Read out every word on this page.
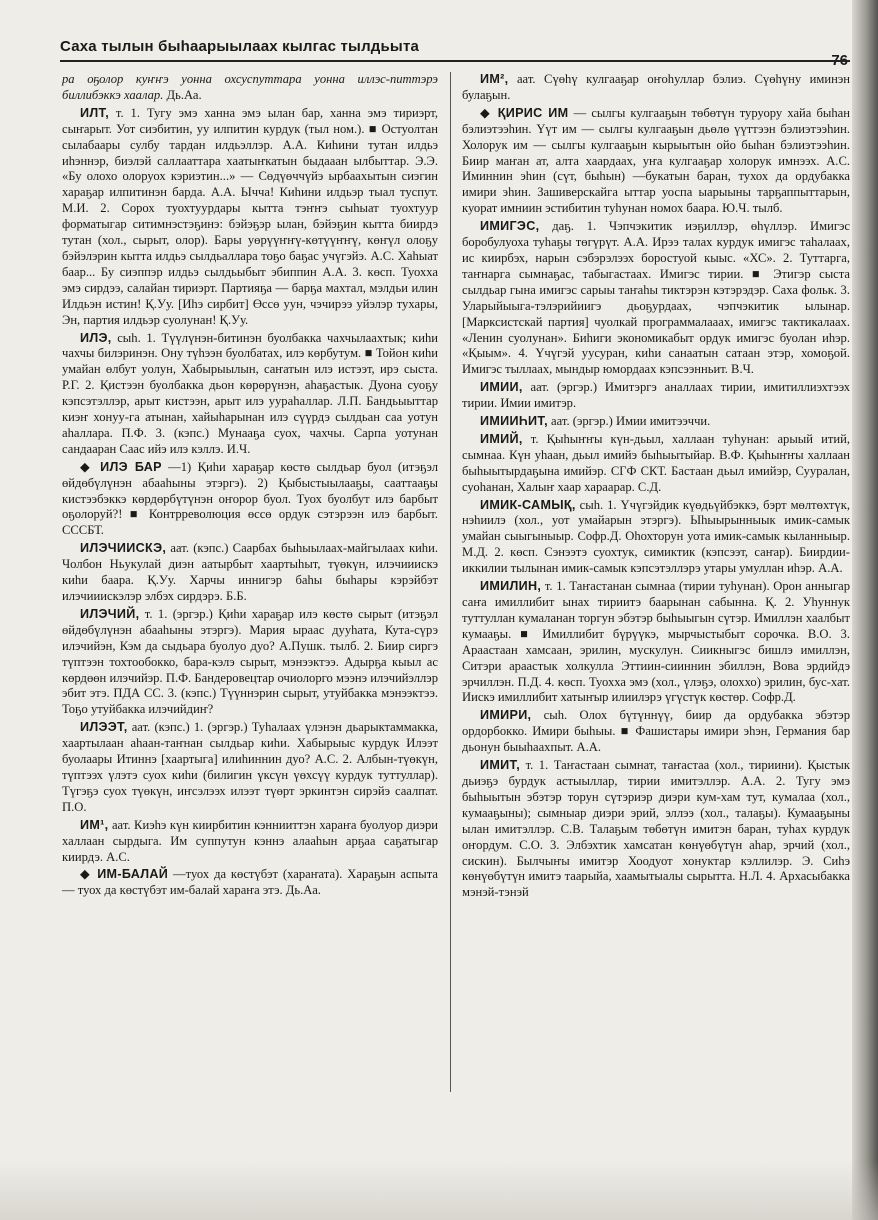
Саха тылын быһаарыылаах кылгас тылдьыта
76

ра оҕолор куҥҥэ уонна охсуспуттара уонна иллэс-питтэрэ биллибэккэ хаалар. Дь.Аа.

ИЛТ, т. 1. Тугу эмэ ханна эмэ ылан бар, ханна эмэ тириэрт, сыҥарыт. Уот сиэбитин, уу илпитин курдук (тыл ном.). ■ Остуолтан сылабаары сулбу тардан илдьэллэр. А.А. Киһини тутан илдьэ иһэннэр, биэлэй саллааттара хаатыҥкатын быдааан ылбыттар. Э.Э. «Бу олохо олоруох кэриэтин...» — Сөдүөччүйэ ырбаахытын сиэгин хараҕар илпитинэн барда. А.А. Ычча! Киһини илдьэр тыал туспут. М.И. 2. Сорох туохтуурдары кытта тэҥҥэ сыһыат туохтуур форматыгар ситимнэстэҕинэ: бэйэҕэр ылан, бэйэҕин кытта биирдэ тутан (хол., сырыт, олор). Бары уөрүүҥҥү-көтүүҥҥү, көҥүл олоҕу бэйэлэрин кытта илдьэ сылдьаллара тоҕо баҕас учүгэйэ. А.С. Хаһыат баар... Бу сиэппэр илдьэ сылдьыбыт эбиппин А.А. 3. көсп. Туохха эмэ сирдээ, салайан тириэрт. Партияҕа — барҕа махтал, мэлдьи илин Илдьэн истин! Қ.Уу. [Иһэ сирбит] Өссө уун, чэчирээ уйэлэр тухары, Эн, партия илдьэр суолунан! Қ.Уу.

ИЛЭ, сыһ. 1. Түүлүнэн-битинэн буолбакка чахчылаахтык; киһи чахчы билэринэн. Ону түһээн буолбатах, илэ көрбутум. ■ Тойон киһи умайан өлбут уолун, Хабырыылын, саҥатын илэ истээт, ирэ сыста. Р.Г. 2. Қистээн буолбакка дьон көрөрүнэн, аһаҕастык. Дуона суоҕу кэпсэтэллэр, арыт кистээн, арыт илэ уураһаллар. Л.П. Бандьыыттар киэҥ хонуу-га атынан, хайыһарынан илэ сүүрдэ сылдьан саа уотун аһаллара. П.Ф. 3. (кэпс.) Мунааҕа суох, чахчы. Сарпа уотунан сандааран Саас ийэ илэ кэллэ. И.Ч.

◆ ИЛЭ БАР —1) Қиһи хараҕар көстө сылдьар буол (итэҕэл өйдөбүлүнэн абааһыны этэргэ). 2) Қыбыстыылааҕы, сааттааҕы кистээбэккэ көрдөрбүтүнэн оҥорор буол. Туох буолбут илэ барбыт оҕолоруй?! ■ Контрреволюция өссө ордук сэтэрээн илэ барбыт. СССБТ.

ИЛЭЧИИСКЭ, аат. (кэпс.) Саарбах быһыылаах-майгылаах киһи. Чолбон Ньукулай диэн аатырбыт хаартыһыт, түөкүн, илэчииискэ киһи баара. Қ.Уу. Харчы иннигэр баһы быһары кэрэйбэт илэчииискэлэр элбэх сирдэрэ. Б.Б.

ИЛЭЧИЙ, т. 1. (эргэр.) Қиһи хараҕар илэ көстө сырыт (итэҕэл өйдөбүлүнэн абааһыны этэргэ). Мария ыраас дууһата, Кута-сүрэ илэчийэн, Кэм да сыдьара буолуо дуо? А.Пушк. тылб. 2. Биир сиргэ түптээн тохтообокко, бара-кэлэ сырыт, мэнээктээ. Адырҕа кыыл ас көрдөөн илэчийэр. П.Ф. Бандеровецтар очиолорго мээнэ илэчийэллэр эбит этэ. ПДА СС. 3. (кэпс.) Түүннэрин сырыт, утуйбакка мэнээктээ. Тоҕо утуйбакка илэчийдиҥ?

ИЛЭЭТ, аат. (кэпс.) 1. (эргэр.) Туһалаах үлэнэн дьарыктаммакка, хаартылаан аһаан-таҥнан сылдьар киһи. Хабырыыс курдук Илээт буолаары Итиннэ [хаартыга] илиһиннин дуо? А.С. 2. Албын-түөкүн, түптээх үлэтэ суох киһи (билигин үксүн үөхсүү курдук туттуллар). Түгэҕэ суох түөкүн, иҥсэлээх илээт түөрт эркинтэн сирэйэ саалпат. П.О.

ИМ¹, аат. Киэһэ күн киирбитин кэннииттэн хараҥа буолуор диэри халлаан сырдыга. Им суппутун кэннэ алааһын арҕаа саҕатыгар киирдэ. А.С.

◆ ИМ-БАЛАЙ —туох да көстүбэт (хараҥата). Хараҕын аспыта — туох да көстүбэт им-балай хараҥа этэ. Дь.Аа.

ИМ², аат. Сүөһү кулгааҕар оҥоһуллар бэлиэ. Сүөһүну иминэн булаҕын.

◆ ҚИРИС ИМ — сылгы кулгааҕын төбөтүн туруору хайа быһан бэлиэтээһин. Үүт им — сылгы кулгааҕын дьөлө үүттээн бэлиэтээһин. Холорук им — сылгы кулгааҕын кырыытын ойо быһан бэлиэтээһин. Биир маҥан ат, алта хаардаах, уҥа кулгааҕар холорук имнээх. А.С. Иминнин эһин (сүт, быһын) —букатын баран, тухох да ордубакка имири эһин. Зашиверскайга ыттар уоспа ыарыыны тарҕаппыттарын, куорат имниин эстибитин туһунан номох баара. Ю.Ч. тылб.

ИМИГЭС, даҕ. 1. Чэпчэкитик иэҕиллэр, өһүллэр. Имигэс боробулуоха туһаҕы төгүрүт. А.А. Ирээ талах курдук имигэс таһалаах, ис киирбэх, нарын сэбэрэлээх боростуой кыыс. «ХС». 2. Туттарга, таҥнарга сымнаҕас, табыгастаах. Имигэс тирии. ■ Этигэр сыста сылдьар гына имигэс сарыы таҥаһы тиктэрэн кэтэрэдэр. Саха фольк. 3. Уларыйыыга-тэлэрийиигэ дьоҕурдаах, чэпчэкитик ылынар. [Марксистскай партия] чуолкай программалааах, имигэс тактикалаах. «Ленин суолунан». Биһиги экономикабыт ордук имигэс буолан иһэр. «Қыым». 4. Үчүгэй уусуран, киһи санаатын сатаан этэр, хомоҕой. Имигэс тыллаах, мындыр юмордаах кэпсээнньит. В.Ч.

ИМИИ, аат. (эргэр.) Имитэргэ аналлаах тирии, имитиллиэхтээх тирии. Имии имитэр.

ИМИИҺИТ, аат. (эргэр.) Имии имитээччи.

ИМИЙ, т. Қыһыҥҥы күн-дьыл, халлаан туһунан: арыый итий, сымнаа. Күн уһаан, дьыл имийэ быһыытыйар. В.Ф. Қыһыҥҥы халлаан быһыытырдаҕына имийэр. СГФ СКТ. Бастаан дьыл имийэр, Сууралан, суоһанан, Халыҥ хаар хараарар. С.Д.

ИМИК-САМЫҚ, сыһ. 1. Үчүгэйдик күөдьүйбэккэ, бэрт мөлтөхтүк, нэһиилэ (хол., уот умайарын этэргэ). Ыһыырынныык имик-самык умайан сыыгыныыр. Софр.Д. Оһохторун уота имик-самык кыланныыр. М.Д. 2. көсп. Сэнээтэ суохтук, симиктик (кэпсээт, саҥар). Биирдии-иккилии тылынан имик-самык кэпсэтэллэрэ утары умуллан иһэр. А.А.

ИМИЛИН, т. 1. Таҥастанан сымнаа (тирии туһунан). Орон анныгар саҥа имиллибит ынах тириитэ баарынан сабынна. Қ. 2. Уһуннук туттуллан кумаланан торгун эбэтэр быһыыгын сүтэр. Имиллэн хаалбыт кумааҕы. ■ Имиллибит бүрүүкэ, мырчыстыбыт сорочка. В.О. 3. Араастаан хамсаан, эрилин, мускулун. Сиикныгэс бишлэ имиллэн, Ситэри араастык холкулла Эттиин-сииннин эбиллэн, Вова эрдийдэ эрчиллэн. П.Д. 4. көсп. Туохха эмэ (хол., үлэҕэ, олоххо) эрилин, бус-хат. Иискэ имиллибит хатыҥыр илиилэрэ үгүстүк көстөр. Софр.Д.

ИМИРИ, сыһ. Олох бүтүннүү, биир да ордубакка эбэтэр ордорбокко. Имири быһыы. ■ Фашистары имири эһэн, Германия бар дьонун быыһаахпыт. А.А.

ИМИТ, т. 1. Таҥастаан сымнат, таҥастаа (хол., тириини). Қыстык дьиэҕэ бурдук астыыллар, тирии имитэллэр. А.А. 2. Тугу эмэ быһыытын эбэтэр торун сүтэриэр диэри кум-хам тут, кумалаа (хол., кумааҕыны); сымныар диэри эрий, эллээ (хол., талаҕы). Кумааҕыны ылан имитэллэр. С.В. Талаҕым төбөтүн имитэн баран, туһах курдук оҥордум. С.О. 3. Элбэхтик хамсатан көнүөбүтүн аһар, эрчий (хол., сискин). Былчыҥы имитэр Хоодуот хонуктар кэллилэр. Э. Сиһэ көнүөбүтүн имитэ таарыйа, хаамытыалы сырытта. Н.Л. 4. Архасыбакка мэнэй-тэнэй
